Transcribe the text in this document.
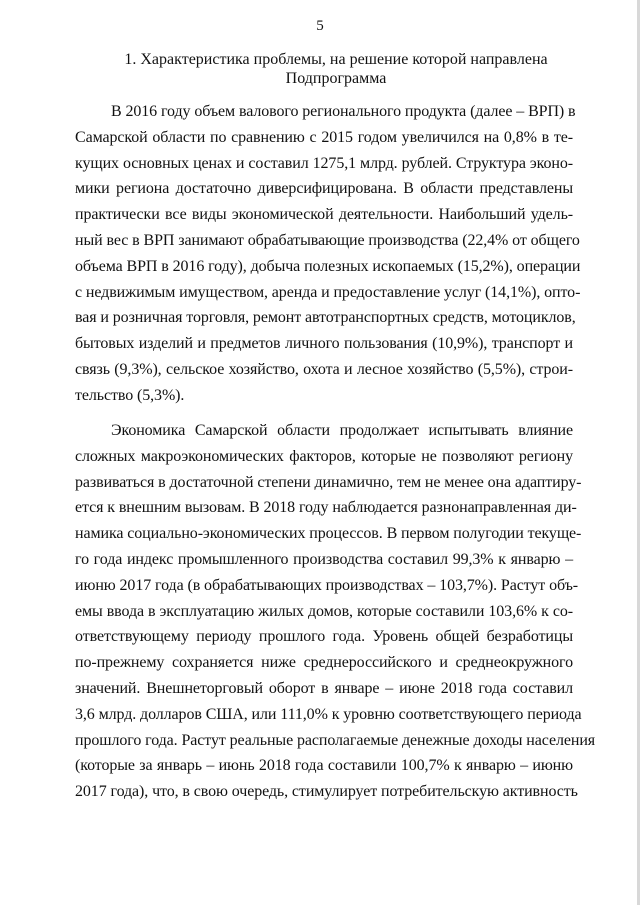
5
1. Характеристика проблемы, на решение которой направлена
Подпрограмма
В 2016 году объем валового регионального продукта (далее – ВРП) в
Самарской области по сравнению с 2015 годом увеличился на 0,8% в те-
кущих основных ценах и составил 1275,1 млрд. рублей. Структура эконо-
мики региона достаточно диверсифицирована. В области представлены
практически все виды экономической деятельности. Наибольший удель-
ный вес в ВРП занимают обрабатывающие производства (22,4% от общего
объема ВРП в 2016 году), добыча полезных ископаемых (15,2%), операции
с недвижимым имуществом, аренда и предоставление услуг (14,1%), опто-
вая и розничная торговля, ремонт автотранспортных средств, мотоциклов,
бытовых изделий и предметов личного пользования (10,9%), транспорт и
связь (9,3%), сельское хозяйство, охота и лесное хозяйство (5,5%), строи-
тельство (5,3%).
Экономика Самарской области продолжает испытывать влияние
сложных макроэкономических факторов, которые не позволяют региону
развиваться в достаточной степени динамично, тем не менее она адаптиру-
ется к внешним вызовам. В 2018 году наблюдается разнонаправленная ди-
намика социально-экономических процессов. В первом полугодии текуще-
го года индекс промышленного производства составил 99,3% к январю –
июню 2017 года (в обрабатывающих производствах – 103,7%). Растут объ-
емы ввода в эксплуатацию жилых домов, которые составили 103,6% к со-
ответствующему периоду прошлого года. Уровень общей безработицы
по-прежнему сохраняется ниже среднероссийского и среднеокружного
значений. Внешнеторговый оборот в январе – июне 2018 года составил
3,6 млрд. долларов США, или 111,0% к уровню соответствующего периода
прошлого года. Растут реальные располагаемые денежные доходы населения
(которые за январь – июнь 2018 года составили 100,7% к январю – июню
2017 года), что, в свою очередь, стимулирует потребительскую активность
